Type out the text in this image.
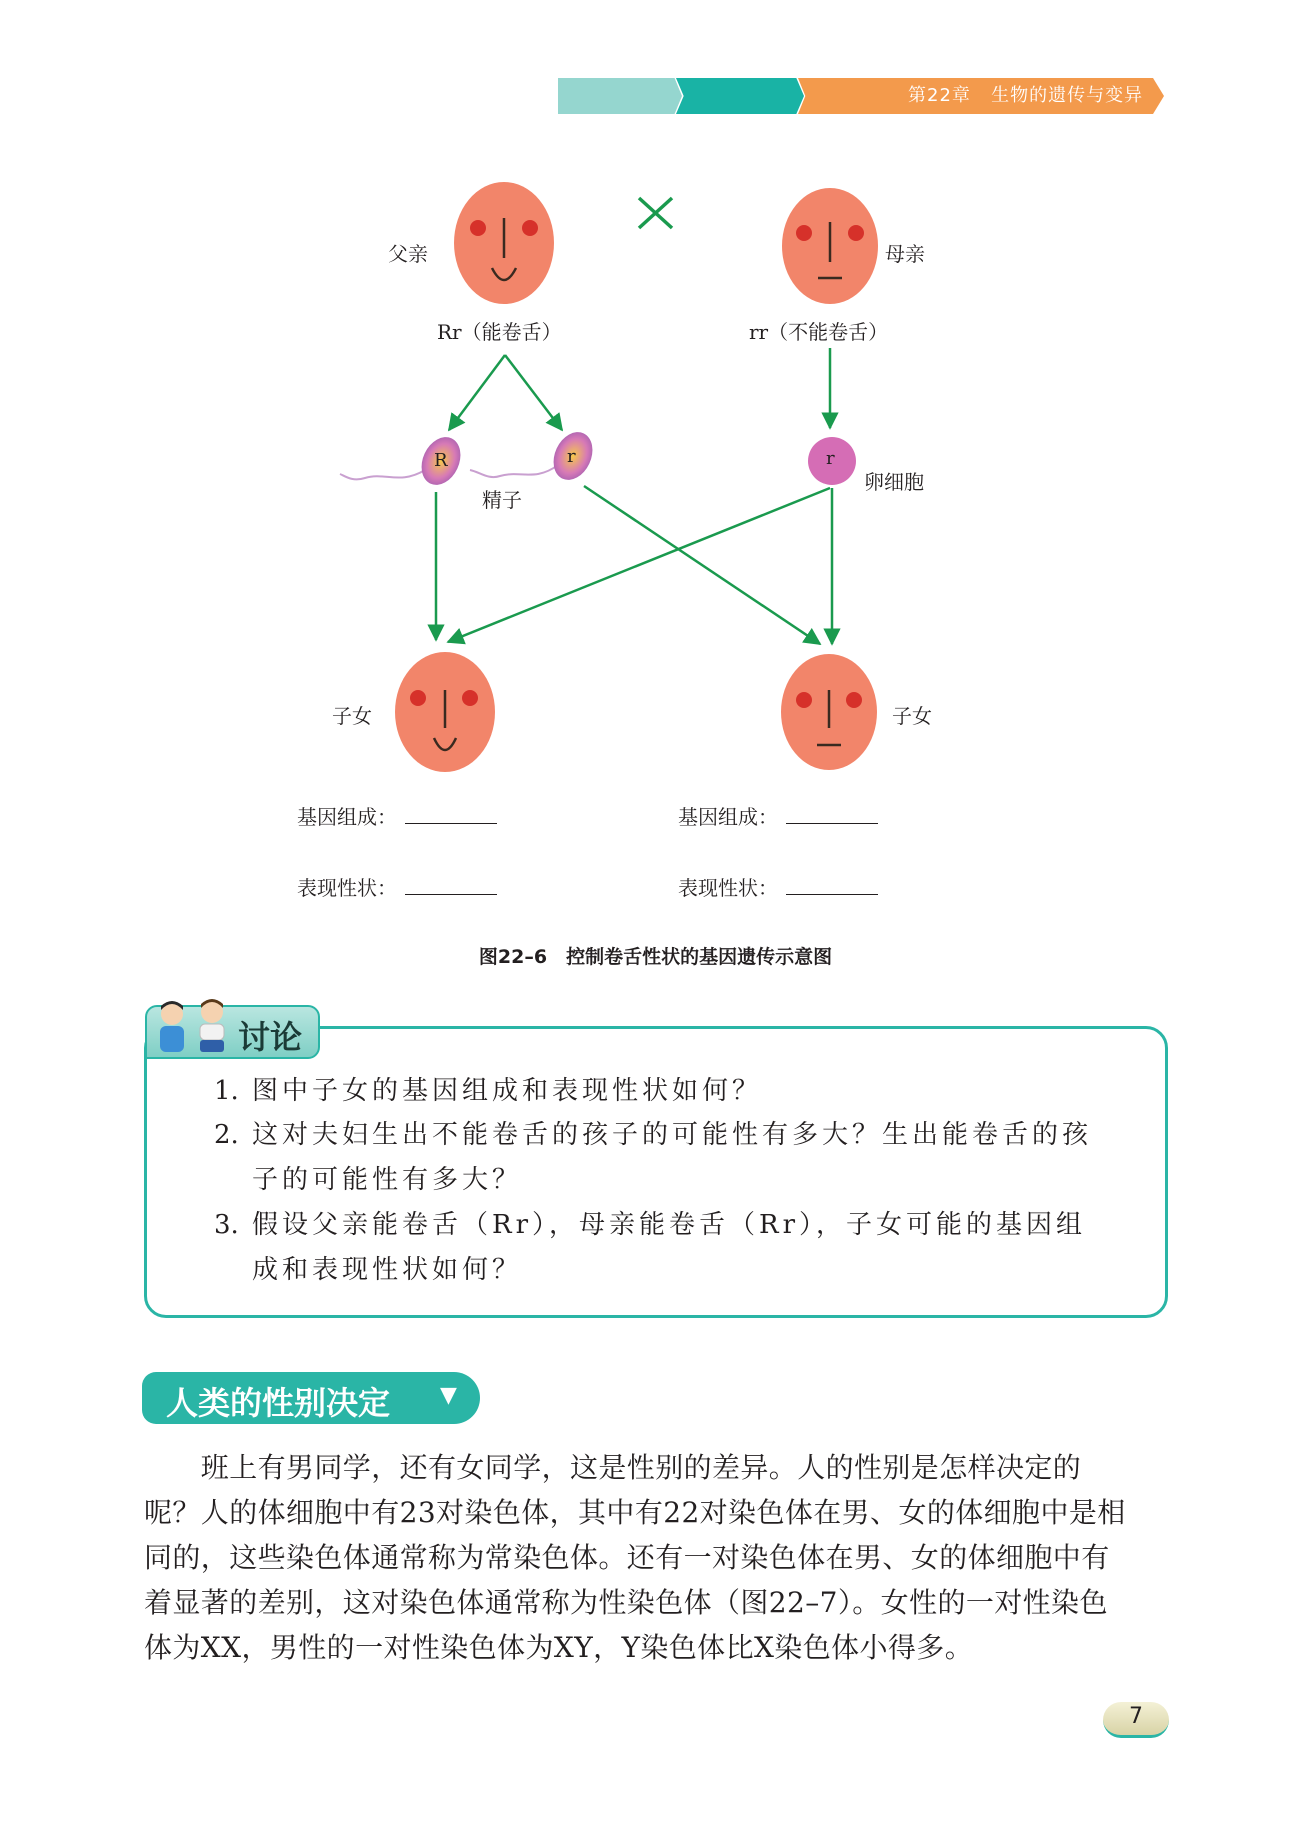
第22章 生物的遗传与变异
父亲	母亲
Rr（能卷舌）	rr（不能卷舌）
R	r
精子
r
卵细胞
子女	子女
基因组成：	基因组成：
表现性状：	表现性状：
图22–6　控制卷舌性状的基因遗传示意图
讨论
1. 图中子女的基因组成和表现性状如何？
2. 这对夫妇生出不能卷舌的孩子的可能性有多大？生出能卷舌的孩
子的可能性有多大？
3. 假设父亲能卷舌（Rr），母亲能卷舌（Rr），子女可能的基因组
成和表现性状如何？
人类的性别决定 ▼
　　班上有男同学，还有女同学，这是性别的差异。人的性别是怎样决定的
呢？人的体细胞中有23对染色体，其中有22对染色体在男、女的体细胞中是相
同的，这些染色体通常称为常染色体。还有一对染色体在男、女的体细胞中有
着显著的差别，这对染色体通常称为性染色体（图22–7）。女性的一对性染色
体为XX，男性的一对性染色体为XY，Y染色体比X染色体小得多。
7
